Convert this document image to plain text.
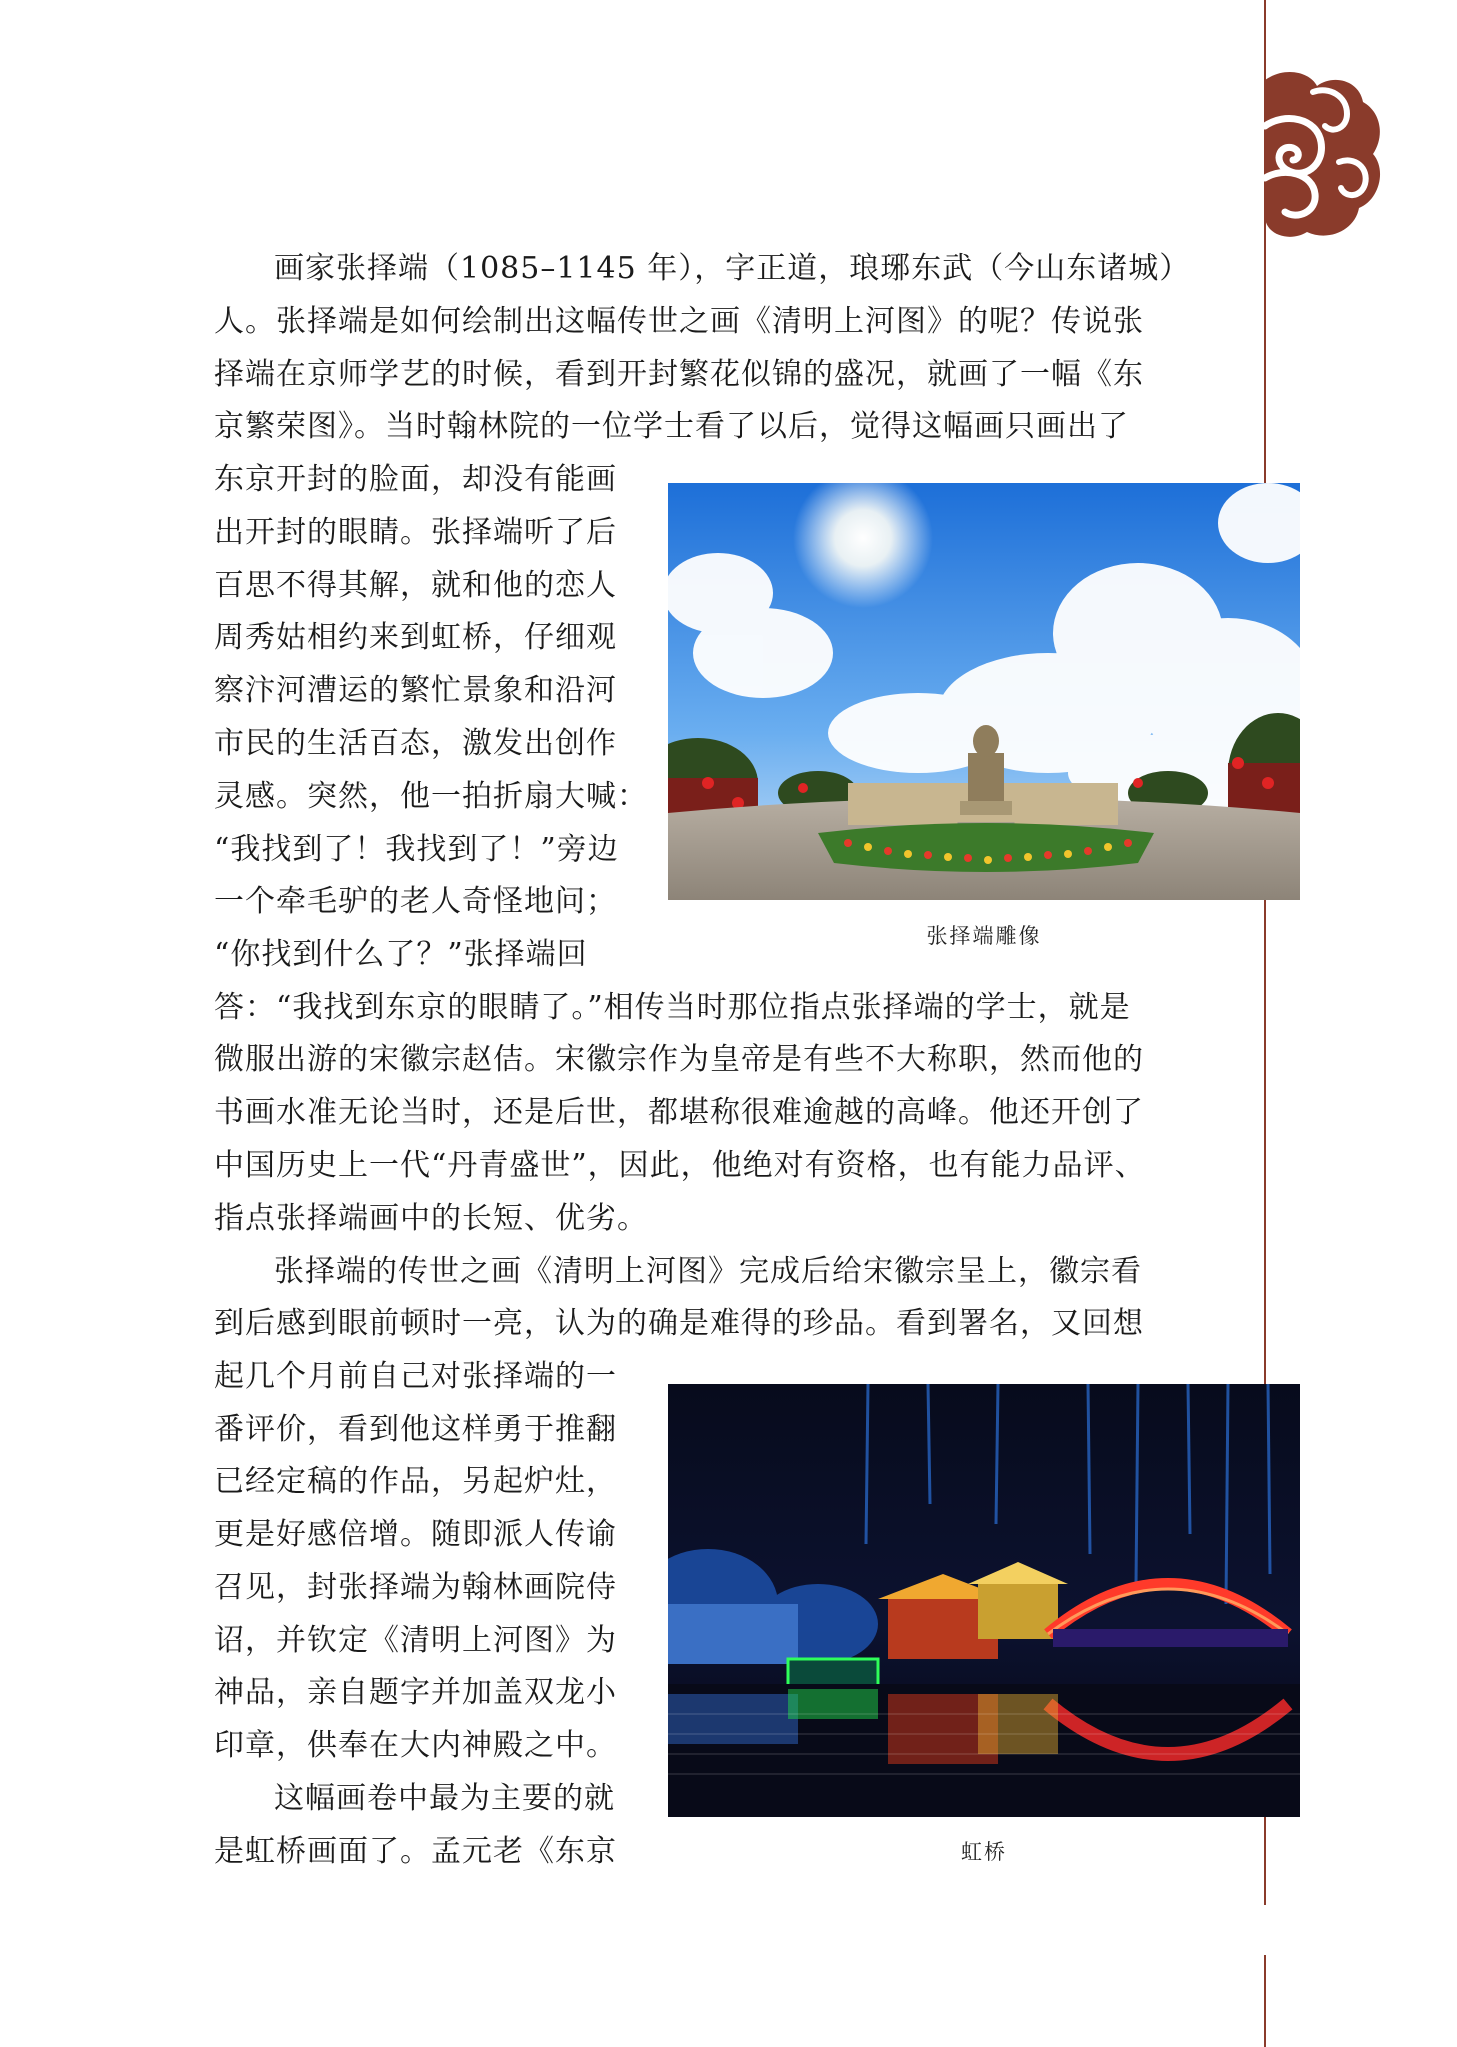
画家张择端（1085–1145 年），字正道，琅琊东武（今山东诸城）
人。张择端是如何绘制出这幅传世之画《清明上河图》的呢？传说张
择端在京师学艺的时候，看到开封繁花似锦的盛况，就画了一幅《东
京繁荣图》。当时翰林院的一位学士看了以后，觉得这幅画只画出了
东京开封的脸面，却没有能画
出开封的眼睛。张择端听了后
百思不得其解，就和他的恋人
周秀姑相约来到虹桥，仔细观
察汴河漕运的繁忙景象和沿河
市民的生活百态，激发出创作
灵感。突然，他一拍折扇大喊：
“我找到了！我找到了！”旁边
一个牵毛驴的老人奇怪地问；
“你找到什么了？”张择端回
答：“我找到东京的眼睛了。”相传当时那位指点张择端的学士，就是
微服出游的宋徽宗赵佶。宋徽宗作为皇帝是有些不大称职，然而他的
书画水准无论当时，还是后世，都堪称很难逾越的高峰。他还开创了
中国历史上一代“丹青盛世”，因此，他绝对有资格，也有能力品评、
指点张择端画中的长短、优劣。
张择端的传世之画《清明上河图》完成后给宋徽宗呈上，徽宗看
到后感到眼前顿时一亮，认为的确是难得的珍品。看到署名，又回想
起几个月前自己对张择端的一
番评价，看到他这样勇于推翻
已经定稿的作品，另起炉灶，
更是好感倍增。随即派人传谕
召见，封张择端为翰林画院侍
诏，并钦定《清明上河图》为
神品，亲自题字并加盖双龙小
印章，供奉在大内神殿之中。
这幅画卷中最为主要的就
是虹桥画面了。孟元老《东京
张择端雕像
虹桥
